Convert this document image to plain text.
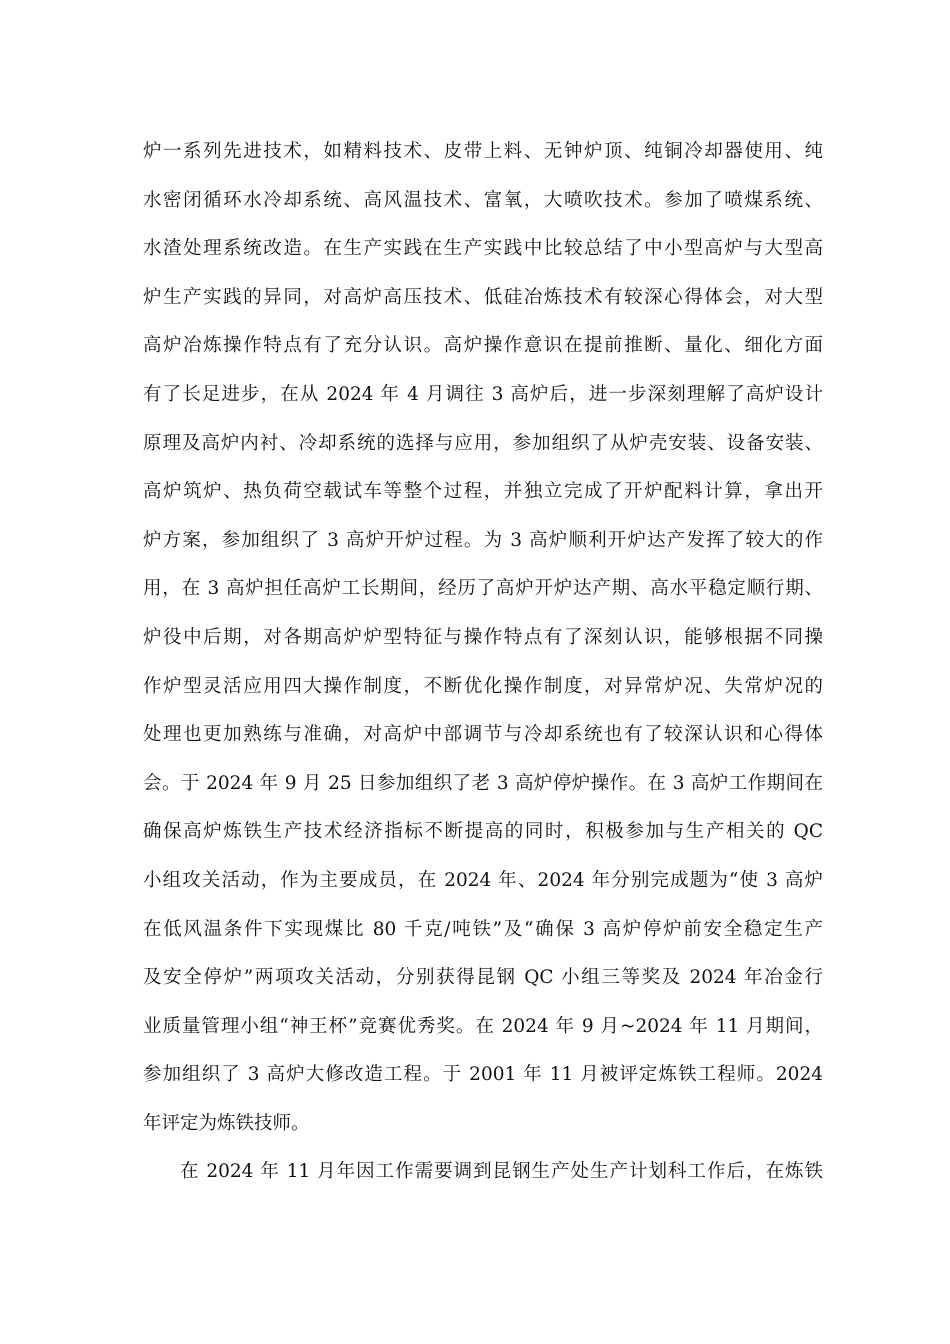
炉一系列先进技术，如精料技术、皮带上料、无钟炉顶、纯铜冷却器使用、纯
水密闭循环水冷却系统、高风温技术、富氧，大喷吹技术。参加了喷煤系统、
水渣处理系统改造。在生产实践在生产实践中比较总结了中小型高炉与大型高
炉生产实践的异同，对高炉高压技术、低硅冶炼技术有较深心得体会，对大型
高炉冶炼操作特点有了充分认识。高炉操作意识在提前推断、量化、细化方面
有了长足进步，在从 2024 年 4 月调往 3 高炉后，进一步深刻理解了高炉设计
原理及高炉内衬、冷却系统的选择与应用，参加组织了从炉壳安装、设备安装、
高炉筑炉、热负荷空载试车等整个过程，并独立完成了开炉配料计算，拿出开
炉方案，参加组织了 3 高炉开炉过程。为 3 高炉顺利开炉达产发挥了较大的作
用，在 3 高炉担任高炉工长期间，经历了高炉开炉达产期、高水平稳定顺行期、
炉役中后期，对各期高炉炉型特征与操作特点有了深刻认识，能够根据不同操
作炉型灵活应用四大操作制度，不断优化操作制度，对异常炉况、失常炉况的
处理也更加熟练与准确，对高炉中部调节与冷却系统也有了较深认识和心得体
会。于 2024 年 9 月 25 日参加组织了老 3 高炉停炉操作。在 3 高炉工作期间在
确保高炉炼铁生产技术经济指标不断提高的同时，积极参加与生产相关的 QC
小组攻关活动，作为主要成员，在 2024 年、2024 年分别完成题为“使 3 高炉
在低风温条件下实现煤比 80 千克/吨铁”及“确保 3 高炉停炉前安全稳定生产
及安全停炉”两项攻关活动，分别获得昆钢 QC 小组三等奖及 2024 年冶金行
业质量管理小组“神王杯”竞赛优秀奖。在 2024 年 9 月~2024 年 11 月期间，
参加组织了 3 高炉大修改造工程。于 2001 年 11 月被评定炼铁工程师。2024
年评定为炼铁技师。
在 2024 年 11 月年因工作需要调到昆钢生产处生产计划科工作后，在炼铁
